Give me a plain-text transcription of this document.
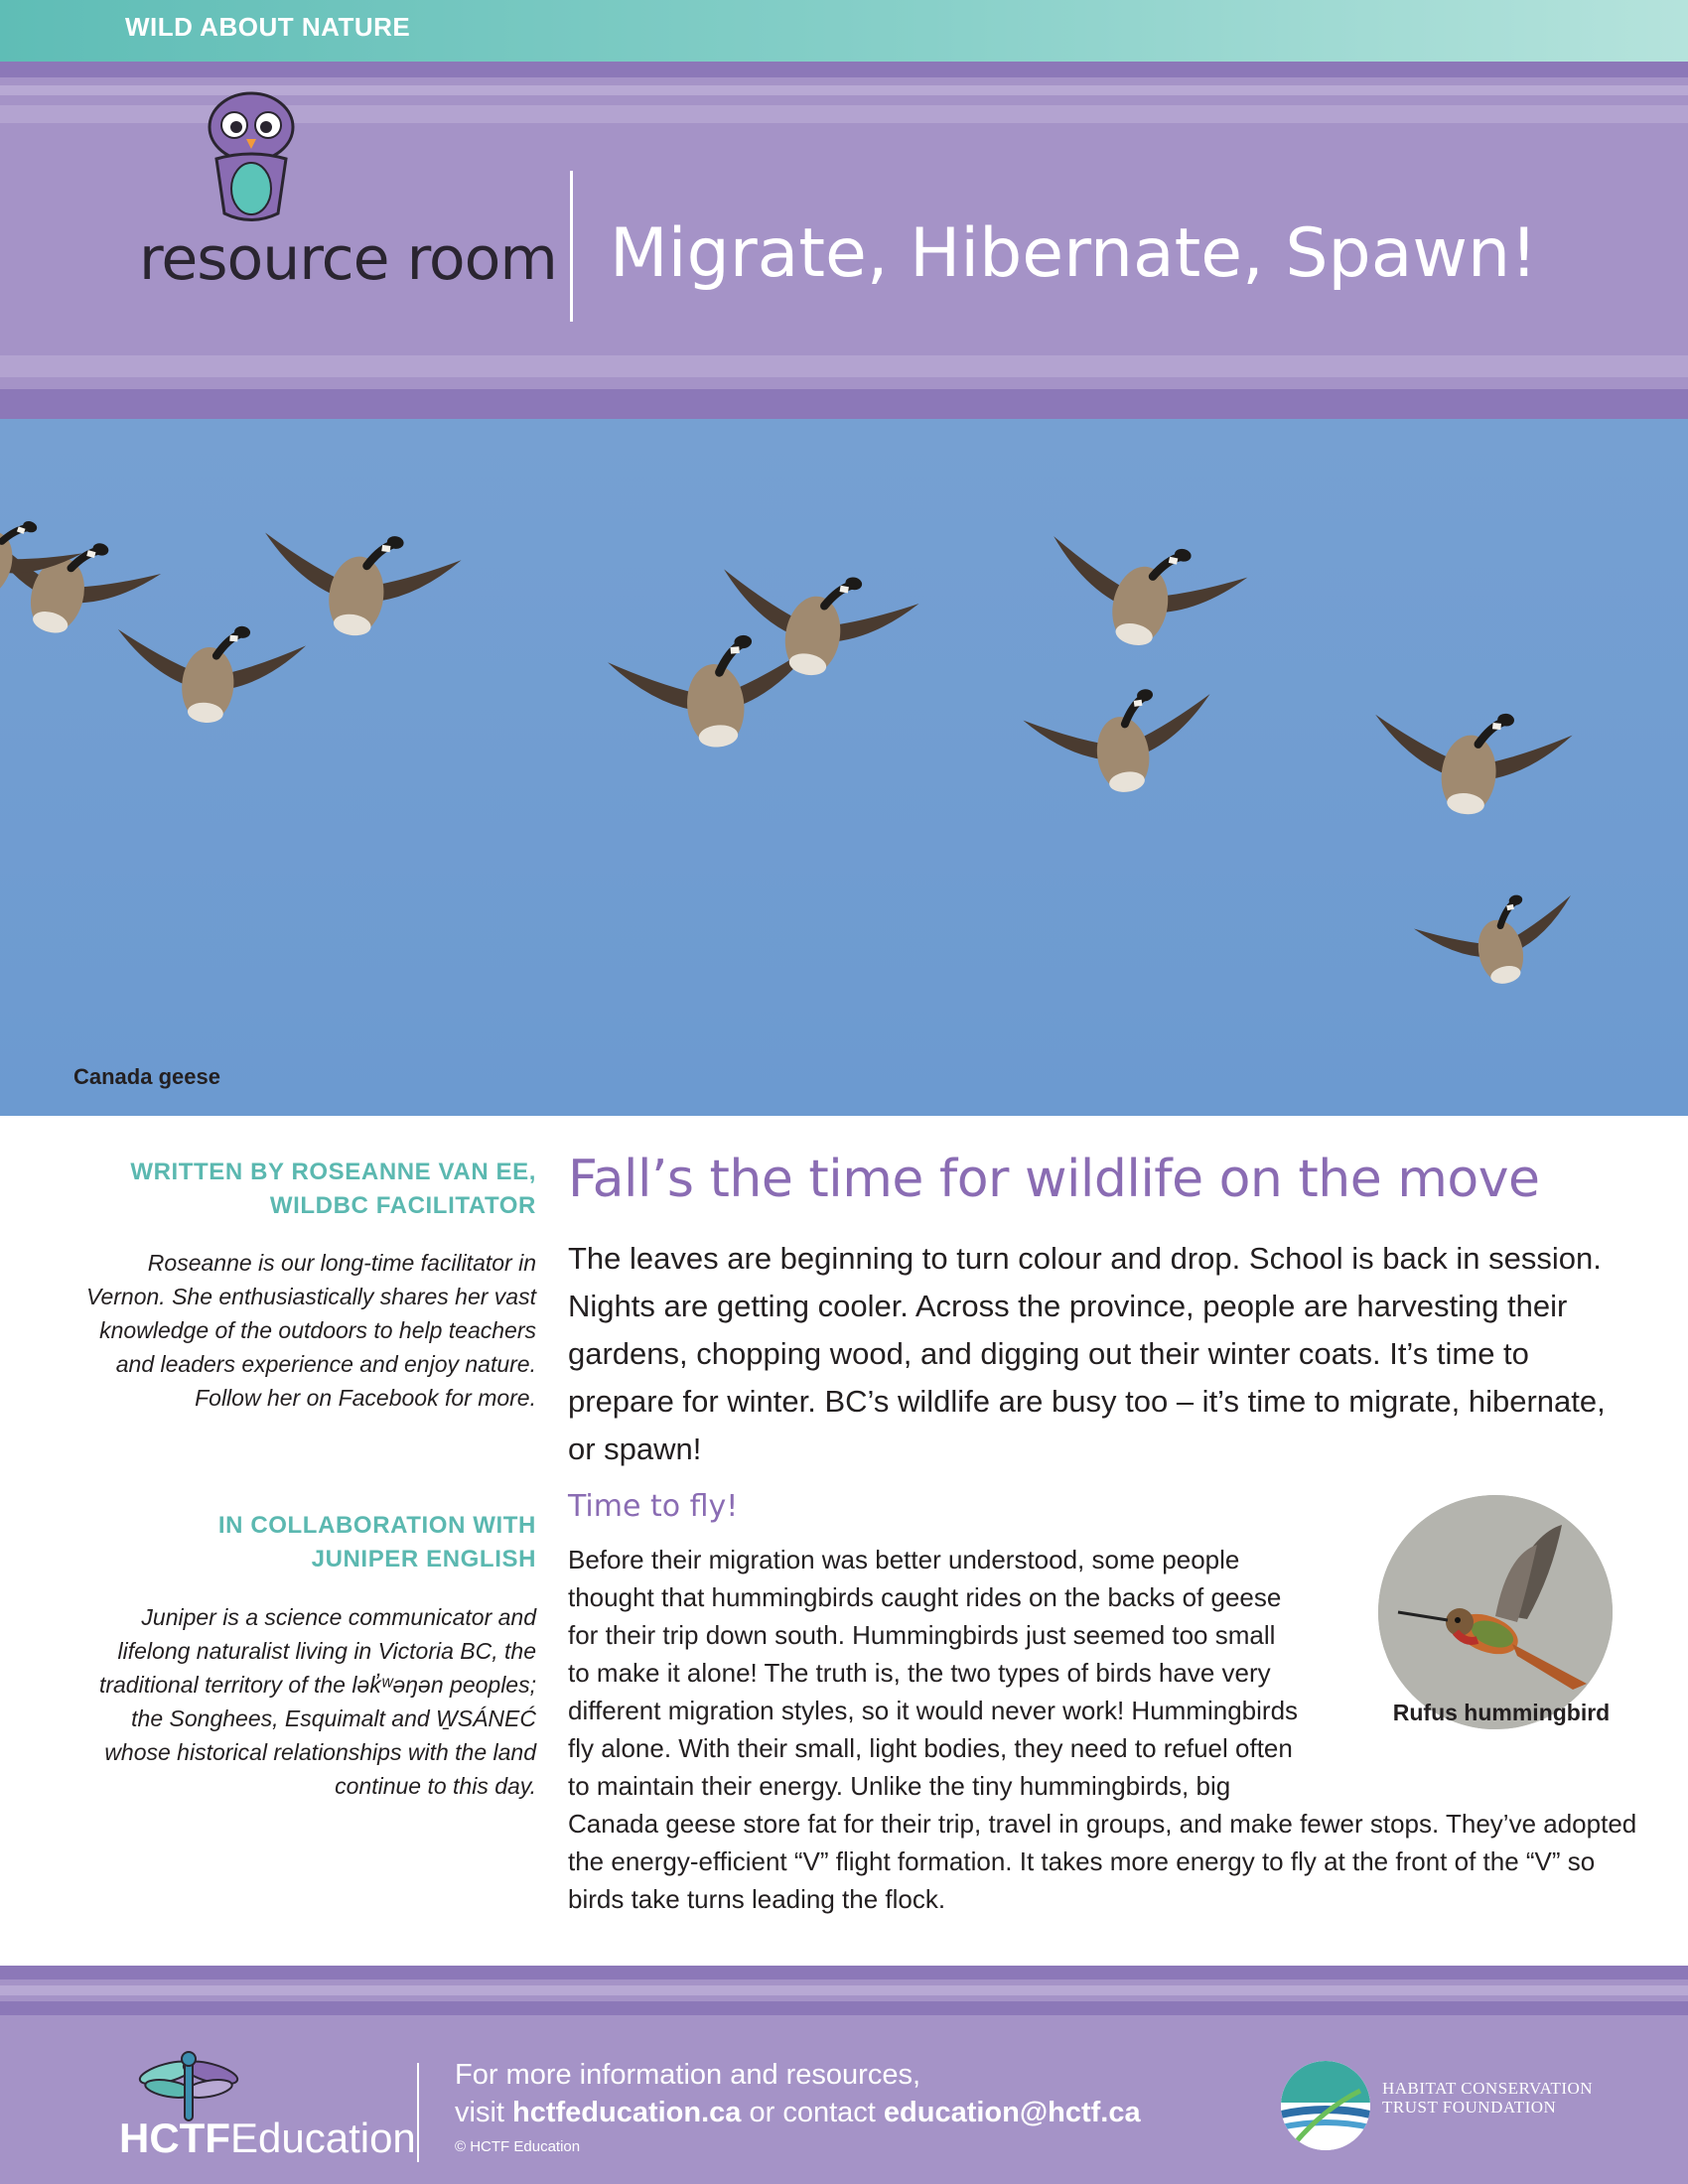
WILD ABOUT NATURE
resource room Migrate, Hibernate, Spawn!
Canada geese
WRITTEN BY ROSEANNE VAN EE,
WILDBC FACILITATOR
Roseanne is our long-time facilitator in Vernon. She enthusiastically shares her vast knowledge of the outdoors to help teachers and leaders experience and enjoy nature. Follow her on Facebook for more.
IN COLLABORATION WITH
JUNIPER ENGLISH
Juniper is a science communicator and lifelong naturalist living in Victoria BC, the traditional territory of the lək̓ʷəŋən peoples; the Songhees, Esquimalt and W̱SÁNEĆ whose historical relationships with the land continue to this day.
Fall’s the time for wildlife on the move
The leaves are beginning to turn colour and drop. School is back in session. Nights are getting cooler. Across the province, people are harvesting their gardens, chopping wood, and digging out their winter coats. It’s time to prepare for winter. BC’s wildlife are busy too – it’s time to migrate, hibernate, or spawn!
Time to fly!
Before their migration was better understood, some people thought that hummingbirds caught rides on the backs of geese for their trip down south. Hummingbirds just seemed too small to make it alone! The truth is, the two types of birds have very different migration styles, so it would never work! Hummingbirds fly alone. With their small, light bodies, they need to refuel often to maintain their energy. Unlike the tiny hummingbirds, big Canada geese store fat for their trip, travel in groups, and make fewer stops. They’ve adopted the energy-efficient “V” flight formation. It takes more energy to fly at the front of the “V” so birds take turns leading the flock.
Rufus hummingbird
HCTFEducation
For more information and resources,
visit hctfeducation.ca or contact education@hctf.ca
© HCTF Education
HABITAT CONSERVATION
TRUST FOUNDATION
